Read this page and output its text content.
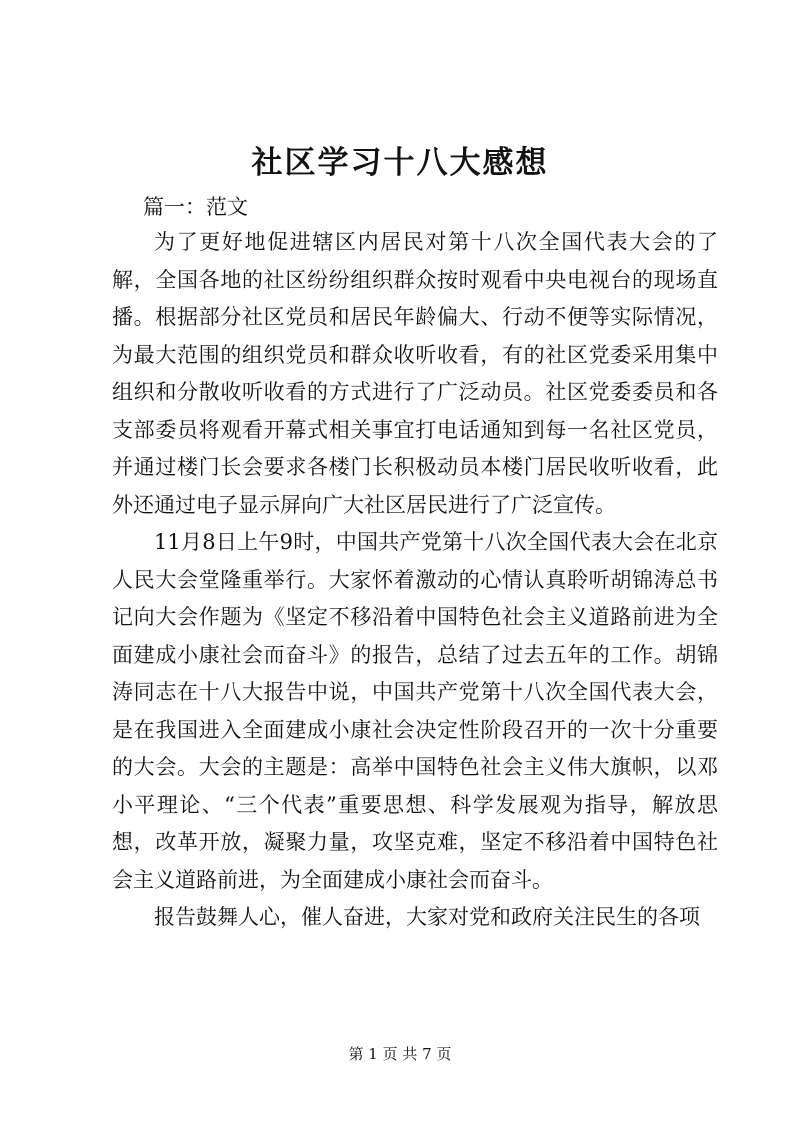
社区学习十八大感想

篇一：范文

为了更好地促进辖区内居民对第十八次全国代表大会的了解，全国各地的社区纷纷组织群众按时观看中央电视台的现场直播。根据部分社区党员和居民年龄偏大、行动不便等实际情况，为最大范围的组织党员和群众收听收看，有的社区党委采用集中组织和分散收听收看的方式进行了广泛动员。社区党委委员和各支部委员将观看开幕式相关事宜打电话通知到每一名社区党员，并通过楼门长会要求各楼门长积极动员本楼门居民收听收看，此外还通过电子显示屏向广大社区居民进行了广泛宣传。

11月8日上午9时，中国共产党第十八次全国代表大会在北京人民大会堂隆重举行。大家怀着激动的心情认真聆听胡锦涛总书记向大会作题为《坚定不移沿着中国特色社会主义道路前进为全面建成小康社会而奋斗》的报告，总结了过去五年的工作。胡锦涛同志在十八大报告中说，中国共产党第十八次全国代表大会，是在我国进入全面建成小康社会决定性阶段召开的一次十分重要的大会。大会的主题是：高举中国特色社会主义伟大旗帜，以邓小平理论、“三个代表”重要思想、科学发展观为指导，解放思想，改革开放，凝聚力量，攻坚克难，坚定不移沿着中国特色社会主义道路前进，为全面建成小康社会而奋斗。

报告鼓舞人心，催人奋进，大家对党和政府关注民生的各项

第 1 页 共 7 页
